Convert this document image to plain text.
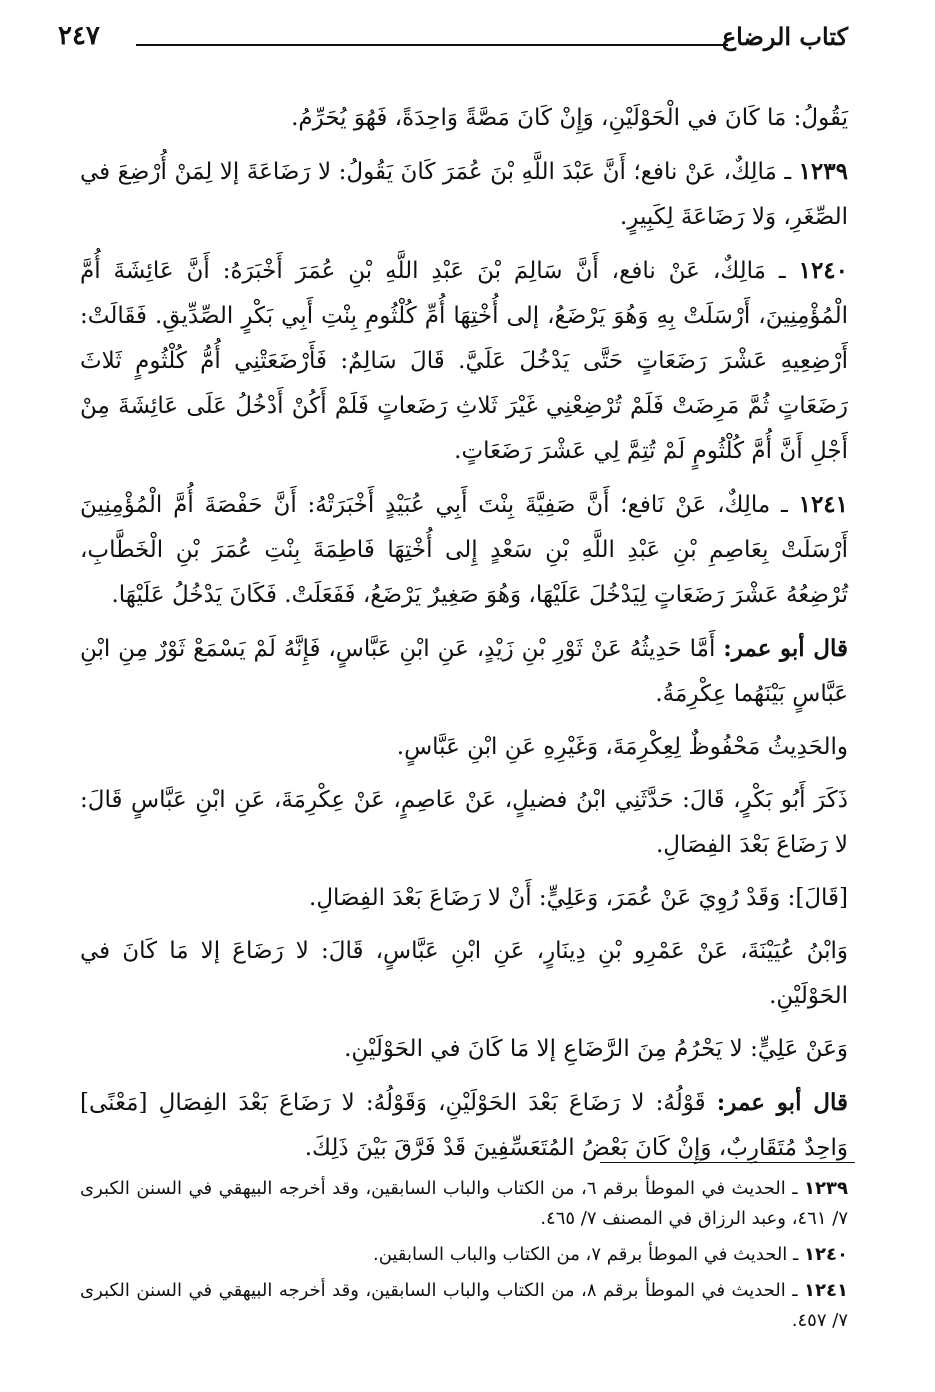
كتاب الرضاع
٢٤٧

يَقُولُ: مَا كَانَ في الْحَوْلَيْنِ، وَإِنْ كَانَ مَصَّةً وَاحِدَةً، فَهُوَ يُحَرِّمُ.

١٢٣٩ ـ مَالِكٌ، عَنْ نافع؛ أَنَّ عَبْدَ اللَّهِ بْنَ عُمَرَ كَانَ يَقُولُ: لا رَضَاعَةَ إلا لِمَنْ أُرْضِعَ في الصِّغَرِ، وَلا رَضَاعَةَ لِكَبِيرٍ.

١٢٤٠ ـ مَالِكٌ، عَنْ نافع، أَنَّ سَالِمَ بْنَ عَبْدِ اللَّهِ بْنِ عُمَرَ أَخْبَرَهُ: أَنَّ عَائِشَةَ أُمَّ الْمُؤْمِنِينَ، أَرْسَلَتْ بِهِ وَهُوَ يَرْضَعُ، إلى أُخْتِهَا أُمِّ كُلْثُومِ بِنْتِ أَبِي بَكْرٍ الصِّدِّيقِ. فَقَالَتْ: أَرْضِعِيهِ عَشْرَ رَضَعَاتٍ حَتَّى يَدْخُلَ عَلَيَّ. قَالَ سَالِمٌ: فَأَرْضَعَتْنِي أُمُّ كُلْثُومٍ ثَلاثَ رَضَعَاتٍ ثُمَّ مَرِضَتْ فَلَمْ تُرْضِعْنِي غَيْرَ ثَلاثِ رَضَعاتٍ فَلَمْ أَكُنْ أَدْخُلُ عَلَى عَائِشَةَ مِنْ أَجْلِ أَنَّ أُمَّ كُلْثُومٍ لَمْ تُتِمَّ لِي عَشْرَ رَضَعَاتٍ.

١٢٤١ ـ مالِكٌ، عَنْ نَافع؛ أَنَّ صَفِيَّةَ بِنْتَ أَبِي عُبَيْدٍ أَخْبَرَتْهُ: أَنَّ حَفْصَةَ أُمَّ الْمُؤْمِنِينَ أَرْسَلَتْ بِعَاصِمِ بْنِ عَبْدِ اللَّهِ بْنِ سَعْدٍ إِلى أُخْتِهَا فَاطِمَةَ بِنْتِ عُمَرَ بْنِ الْخَطَّابِ، تُرْضِعُهُ عَشْرَ رَضَعَاتٍ لِيَدْخُلَ عَلَيْهَا، وَهُوَ صَغِيرٌ يَرْضَعُ، فَفَعَلَتْ. فَكَانَ يَدْخُلُ عَلَيْهَا.

قال أبو عمر: أَمَّا حَدِيثُهُ عَنْ ثَوْرِ بْنِ زَيْدٍ، عَنِ ابْنِ عَبَّاسٍ، فَإِنَّهُ لَمْ يَسْمَعْ ثَوْرٌ مِنِ ابْنِ عَبَّاسٍ بَيْنَهُما عِكْرِمَةُ.

والحَدِيثُ مَحْفُوظٌ لِعِكْرِمَةَ، وَغَيْرِهِ عَنِ ابْنِ عَبَّاسٍ.

ذَكَرَ أَبُو بَكْرٍ، قَالَ: حَدَّثَنِي ابْنُ فضيلٍ، عَنْ عَاصِمٍ، عَنْ عِكْرِمَةَ، عَنِ ابْنِ عَبَّاسٍ قَالَ: لا رَضَاعَ بَعْدَ الفِصَالِ.

[قَالَ]: وَقَدْ رُوِيَ عَنْ عُمَرَ، وَعَلِيٍّ: أَنْ لا رَضَاعَ بَعْدَ الفِصَالِ.

وَابْنُ عُيَيْنَةَ، عَنْ عَمْرِو بْنِ دِينَارٍ، عَنِ ابْنِ عَبَّاسٍ، قَالَ: لا رَضَاعَ إلا مَا كَانَ في الحَوْلَيْنِ.

وَعَنْ عَلِيٍّ: لا يَحْرُمُ مِنَ الرَّضَاعِ إلا مَا كَانَ في الحَوْلَيْنِ.

قال أبو عمر: قَوْلُهُ: لا رَضَاعَ بَعْدَ الحَوْلَيْنِ، وَقَوْلُهُ: لا رَضَاعَ بَعْدَ الفِصَالِ [مَعْنًى] وَاحِدٌ مُتَقَارِبٌ، وَإِنْ كَانَ بَعْضُ المُتَعَسِّفِينَ قَدْ فَرَّقَ بَيْنَ ذَلِكَ.

١٢٣٩ ـ الحديث في الموطأ برقم ٦، من الكتاب والباب السابقين، وقد أخرجه البيهقي في السنن الكبرى ٧/ ٤٦١، وعبد الرزاق في المصنف ٧/ ٤٦٥.

١٢٤٠ ـ الحديث في الموطأ برقم ٧، من الكتاب والباب السابقين.

١٢٤١ ـ الحديث في الموطأ برقم ٨، من الكتاب والباب السابقين، وقد أخرجه البيهقي في السنن الكبرى ٧/ ٤٥٧.
